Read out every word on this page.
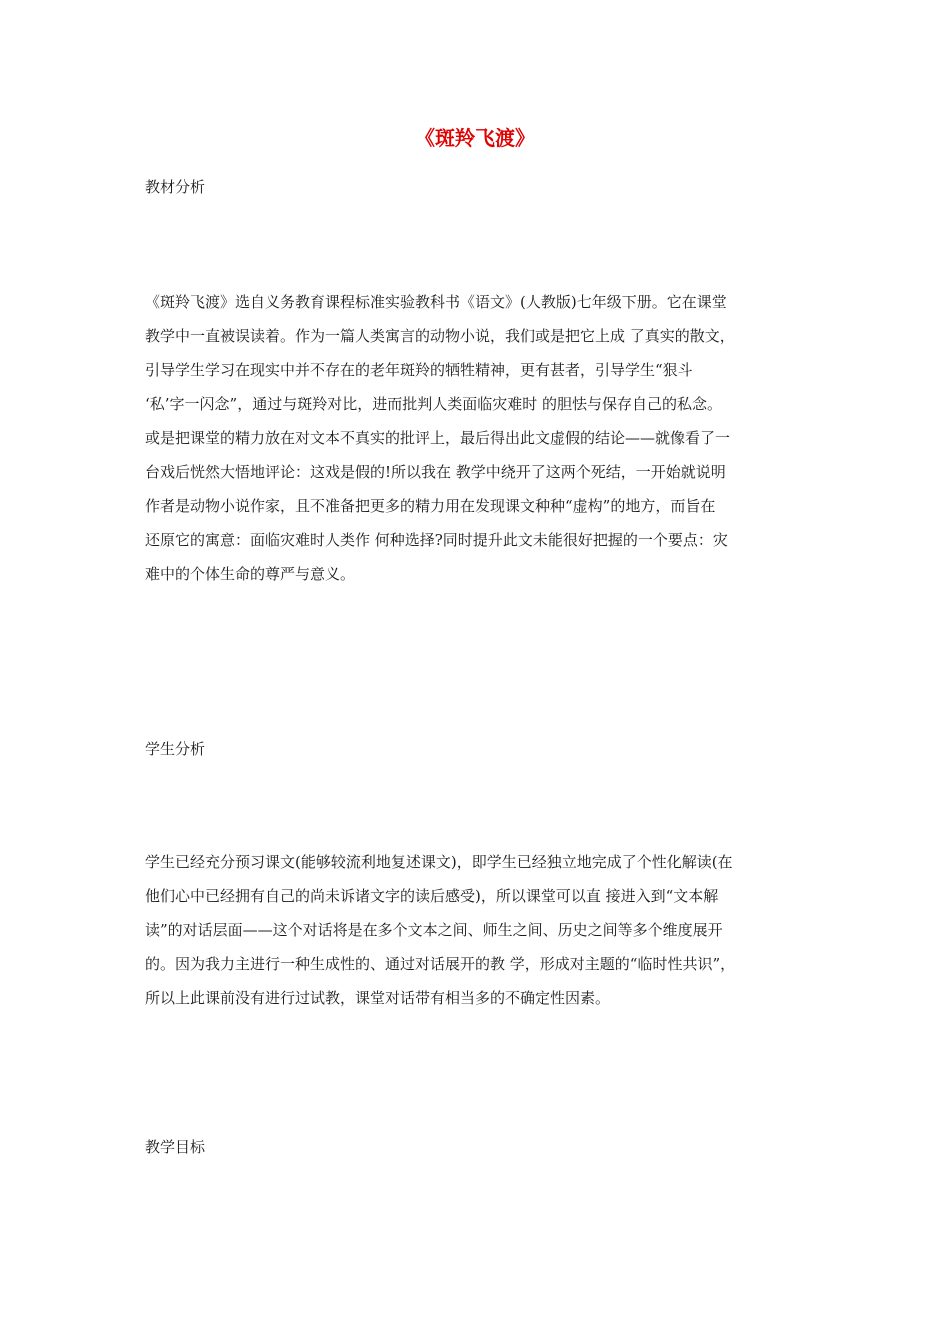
《斑羚飞渡》
教材分析
《斑羚飞渡》选自义务教育课程标准实验教科书《语文》(人教版)七年级下册。它在课堂
教学中一直被误读着。作为一篇人类寓言的动物小说，我们或是把它上成 了真实的散文，
引导学生学习在现实中并不存在的老年斑羚的牺牲精神，更有甚者，引导学生“狠斗
‘私’字一闪念”，通过与斑羚对比，进而批判人类面临灾难时 的胆怯与保存自己的私念。
或是把课堂的精力放在对文本不真实的批评上，最后得出此文虚假的结论——就像看了一
台戏后恍然大悟地评论：这戏是假的!所以我在 教学中绕开了这两个死结，一开始就说明
作者是动物小说作家，且不准备把更多的精力用在发现课文种种“虚构”的地方，而旨在
还原它的寓意：面临灾难时人类作 何种选择?同时提升此文未能很好把握的一个要点：灾
难中的个体生命的尊严与意义。
学生分析
学生已经充分预习课文(能够较流利地复述课文)，即学生已经独立地完成了个性化解读(在
他们心中已经拥有自己的尚未诉诸文字的读后感受)，所以课堂可以直 接进入到“文本解
读”的对话层面——这个对话将是在多个文本之间、师生之间、历史之间等多个维度展开
的。因为我力主进行一种生成性的、通过对话展开的教 学，形成对主题的“临时性共识”，
所以上此课前没有进行过试教，课堂对话带有相当多的不确定性因素。
教学目标
